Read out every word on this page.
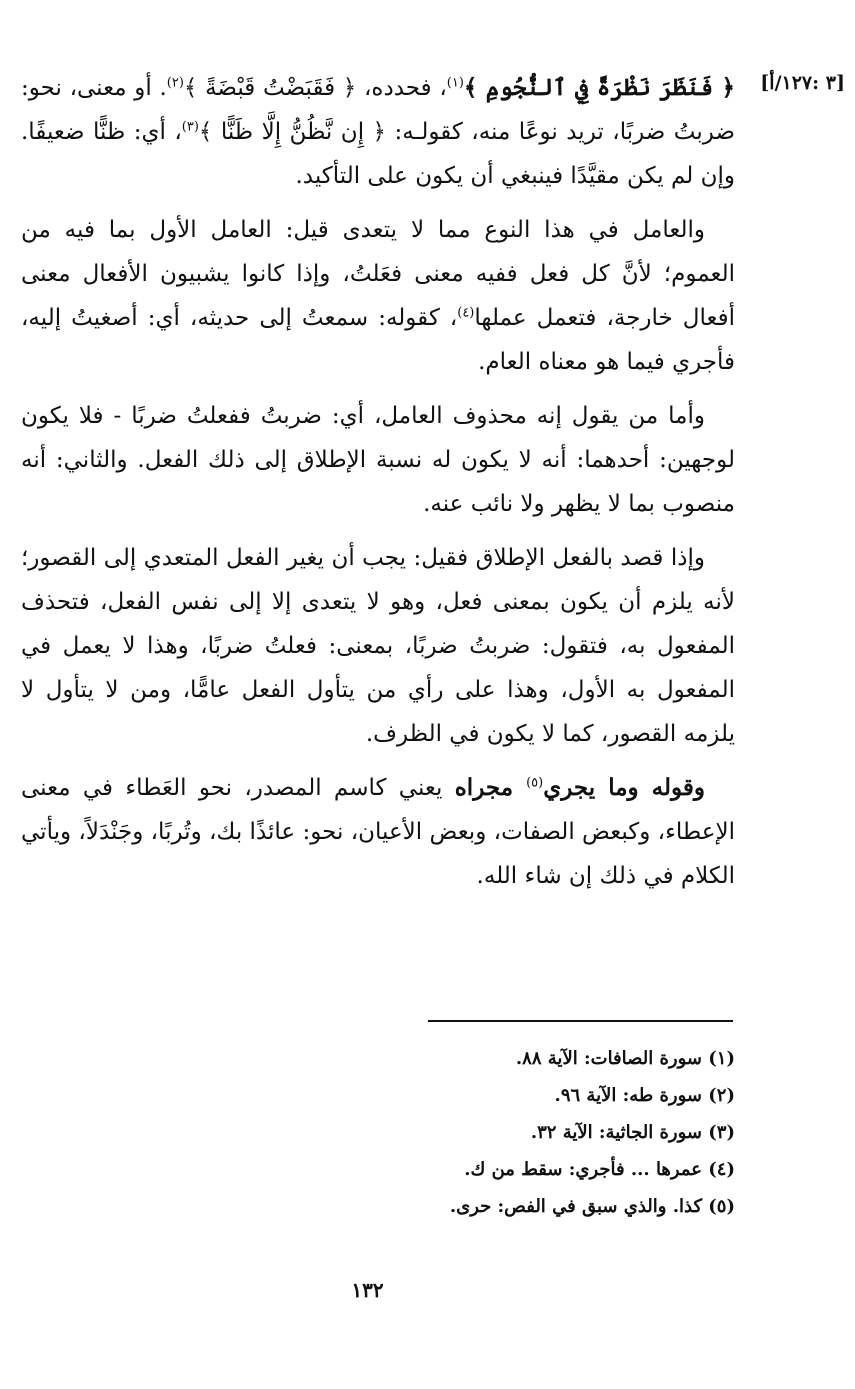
[٣ :١٢٧/أ]

﴿ فَنَظَرَ نَظْرَةً فِي ٱلنُّجُومِ ﴾$^{(١)}$، فحدده، ﴿ فَقَبَضْتُ قَبْضَةً ﴾$^{(٢)}$. أو معنى، نحو: ضربتُ ضربًا، تريد نوعًا منه، كقولـه: ﴿ إِن نَّظُنُّ إِلَّا ظَنًّا ﴾$^{(٣)}$، أي: ظنًّا ضعيفًا. وإن لم يكن مقيَّدًا فينبغي أن يكون على التأكيد.

والعامل في هذا النوع مما لا يتعدى قيل: العامل الأول بما فيه من العموم؛ لأنَّ كل فعل ففيه معنى فعَلتُ، وإذا كانوا يشبيون الأفعال معنى أفعال خارجة، فتعمل عملها$^{(٤)}$، كقوله: سمعتُ إلى حديثه، أي: أصغيتُ إليه، فأجري فيما هو معناه العام.

وأما من يقول إنه محذوف العامل، أي: ضربتُ ففعلتُ ضربًا - فلا يكون لوجهين: أحدهما: أنه لا يكون له نسبة الإطلاق إلى ذلك الفعل. والثاني: أنه منصوب بما لا يظهر ولا نائب عنه.

وإذا قصد بالفعل الإطلاق فقيل: يجب أن يغير الفعل المتعدي إلى القصور؛ لأنه يلزم أن يكون بمعنى فعل، وهو لا يتعدى إلا إلى نفس الفعل، فتحذف المفعول به، فتقول: ضربتُ ضربًا، بمعنى: فعلتُ ضربًا، وهذا لا يعمل في المفعول به الأول، وهذا على رأي من يتأول الفعل عامًّا، ومن لا يتأول لا يلزمه القصور، كما لا يكون في الظرف.

وقوله وما يجري$^{(٥)}$ مجراه يعني كاسم المصدر، نحو العَطاء في معنى الإعطاء، وكبعض الصفات، وبعض الأعيان، نحو: عائذًا بك، وتُربًا، وجَنْدَلاً، ويأتي الكلام في ذلك إن شاء الله.

(١) سورة الصافات: الآية ٨٨.
(٢) سورة طه: الآية ٩٦.
(٣) سورة الجاثية: الآية ٣٢.
(٤) عمرها ... فأجري: سقط من ك.
(٥) كذا. والذي سبق في الفص: حرى.
١٣٢
